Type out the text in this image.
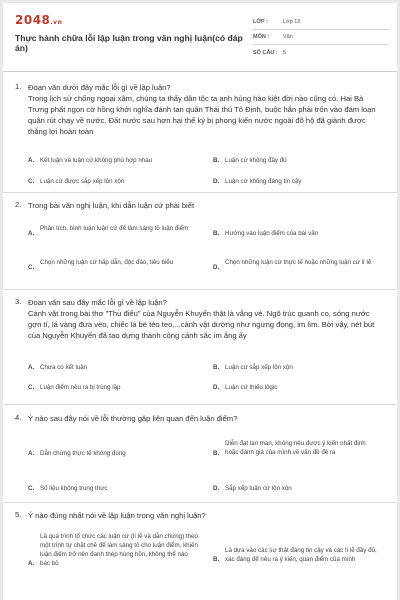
2048.vn
Thực hành chữa lỗi lập luận trong văn nghị luận(có đáp án)
LỚP :	Lớp 12
MÔN :	Văn
SỐ CÂU : 5
1. Đoạn văn dưới đây mắc lỗi gì về lập luận?
Trong lịch sử chống ngoại xâm, chúng ta thấy dân tộc ta anh hùng hào kiệt đời nào cũng có. Hai Bà Trưng phất ngọn cờ hồng khởi nghĩa đánh tan quân Thái thú Tô Định, buộc hắn phải trốn vào đám loạn quân rút chạy về nước. Đất nước sau hơn hai thế kỷ bị phong kiến nước ngoài đô hộ đã giành được thắng lợi hoàn toàn
A. Kết luận và luận cứ không phù hợp nhau	B. Luận cứ không đầy đủ
C. Luận cứ được sắp xếp lộn xộn	D. Luận cứ không đáng tin cậy
2. Trong bài văn nghị luận, khi dẫn luận cứ phải biết
A.
Phân tích, bình luận luận cứ để làm sáng tỏ luận điểm
B. Hướng vào luận điểm của bài văn
C.
Chọn những luận cứ hấp dẫn, độc đáo, tiêu biểu
D.
Chọn những luận cứ thực tế hoặc những luận cứ lí lẽ
3. Đoạn văn sau đây mắc lỗi gì về lập luận?
Cảnh vật trong bài thơ "Thu điếu" của Nguyễn Khuyến thật là vắng vẻ. Ngõ trúc quanh co, sóng nước gợn tí, lá vàng đưa vèo, chiếc lá bé tẻo teo,...cảnh vật dường như ngưng đọng, im lìm. Bởi vậy, nét bút của Nguyễn Khuyến đã tạo dựng thành công cảnh sắc im ắng ấy
A. Chưa có kết luận	B. Luận cứ sắp xếp lộn xộn
C. Luận điểm nêu ra bị trùng lặp	D. Luận cứ thiếu lôgic
4. Ý nào sau đây nói về lỗi thường gặp liên quan đến luận điểm?
A. Dẫn chứng thực tế không đúng	B.
Diễn đạt lan man, không nêu được ý kiến nhất định hoặc đánh giá của mình về vấn đề đề ra
C. Số liệu không trung thực	D. Sắp xếp luận cứ lộn xộn
5. Ý nào đúng nhất nói về lập luận trong văn nghị luận?
A.
Là quá trình tổ chức các luận cứ (lí lẽ và dẫn chứng) theo một trình tự chặt chẽ để làm sáng tỏ cho luận điểm, khiến luận điểm trở nên đanh thép hùng hồn, không thể nào bác bỏ
B.
Là dựa vào các sự thật đáng tin cậy và các lí lẽ đầy đủ, xác đáng để nêu ra ý kiến, quan điểm của mình
